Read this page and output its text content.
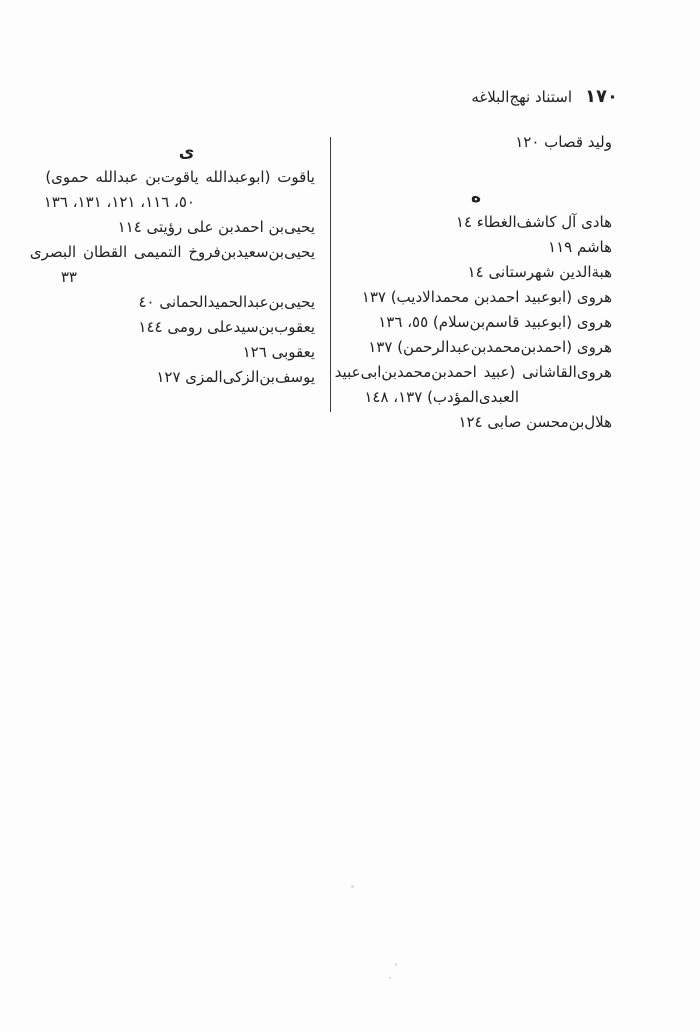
١٧٠
استناد نهج‌البلاغه
وليد قصاب ١٢٠
ه
هادى آل كاشف‌الغطاء ١٤
هاشم ١١٩
هبةالدين شهرستانى ١٤
هروى (ابوعبيد احمدبن محمدالاديب) ١٣٧
هروى (ابوعبيد قاسم‌بن‌سلام) ٥٥، ١٣٦
هروى (احمدبن‌محمدبن‌عبدالرحمن) ١٣٧
هروى‌القاشانى (عبيد احمدبن‌محمدبن‌ابى‌عبيد
العبدى‌المؤدب) ١٣٧، ١٤٨
هلال‌بن‌محسن صابى ١٢٤
ى
ياقوت (ابوعبدالله ياقوت‌بن عبدالله حموى)
٥٠، ١١٦، ١٢١، ١٣١، ١٣٦
يحيى‌بن احمدبن على رؤيتى ١١٤
يحيى‌بن‌سعيدبن‌فروخ التميمى القطان البصرى
٣٣
يحيى‌بن‌عبدالحميدالحمانى ٤٠
يعقوب‌بن‌سيدعلى رومى ١٤٤
يعقوبى ١٢٦
يوسف‌بن‌الزكى‌المزى ١٢٧
